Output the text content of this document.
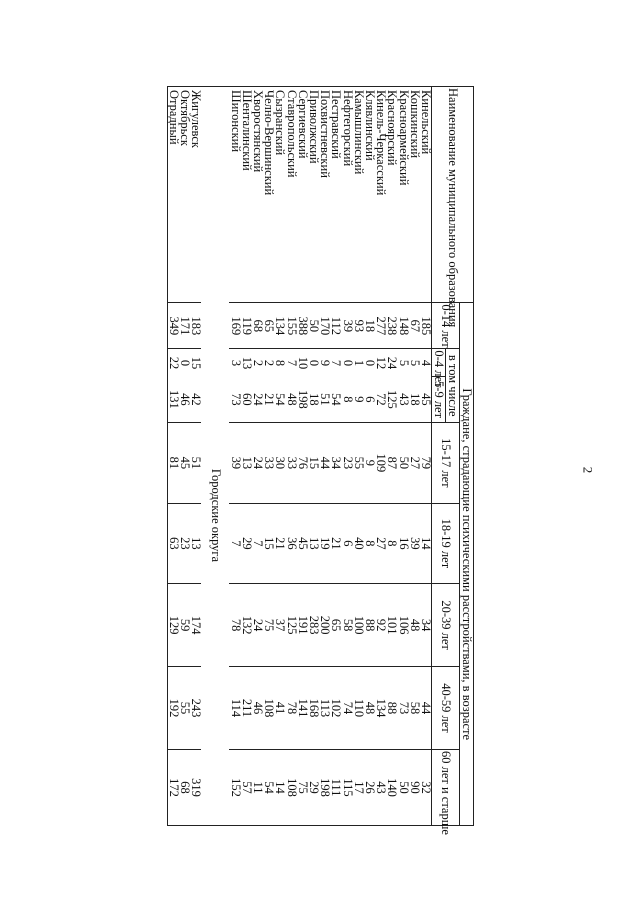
2
Наименование муниципального образования	Граждане, страдающие психическими расстройствами, в возрасте							
	0-14 лет	в том числе		15-17 лет	18-19 лет	20-39 лет	40-59 лет	60 лет и старше
		0-4 лет	5-9 лет					
Кинельский	185	4	45	79	14	34	44	32
Кошкинский	67	5	18	27	39	48	58	90
Красноармейский	148	5	43	50	16	106	73	50
Красноярский	238	24	125	87	8	101	88	140
Кинель-Черкасский	277	12	72	109	27	92	134	43
Клявлинский	18	0	6	9	8	88	48	26
Камышлинский	93	1	9	55	40	100	110	17
Нефтегорский	39	0	8	23	6	58	74	115
Пестравский	112	7	54	34	21	65	102	111
Похвистневский	170	9	51	44	19	200	113	198
Приволжский	50	0	18	15	13	283	168	29
Сергиевский	388	10	198	76	45	191	141	75
Ставропольский	155	7	48	33	36	125	78	108
Сызранский	134	8	54	30	21	37	41	14
Челно-Вершинский	65	2	21	33	15	75	108	54
Хворостянский	68	2	24	24	7	24	46	11
Шенталинский	119	13	60	13	29	132	211	57
Шигонский	169	3	73	39	7	78	114	152
Городские округа								
Жигулевск	183	15	42	51	13	174	243	319
Октябрьск	171	0	46	45	23	59	55	68
Отрадный	349	22	131	81	63	129	192	172
